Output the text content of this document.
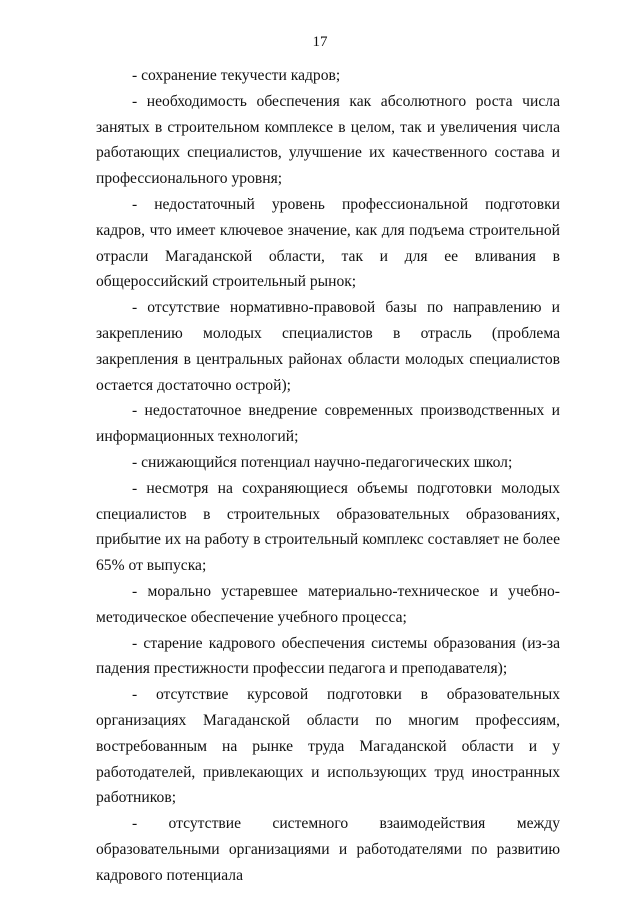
17

- сохранение текучести кадров;

- необходимость обеспечения как абсолютного роста числа занятых в строительном комплексе в целом, так и увеличения числа работающих специалистов, улучшение их качественного состава и профессионального уровня;

- недостаточный уровень профессиональной подготовки кадров, что имеет ключевое значение, как для подъема строительной отрасли Магаданской области, так и для ее вливания в общероссийский строительный рынок;

- отсутствие нормативно-правовой базы по направлению и закреплению молодых специалистов в отрасль (проблема закрепления в центральных районах области молодых специалистов остается достаточно острой);

- недостаточное внедрение современных производственных и информационных технологий;

- снижающийся потенциал научно-педагогических школ;

- несмотря на сохраняющиеся объемы подготовки молодых специалистов в строительных образовательных образованиях, прибытие их на работу в строительный комплекс составляет не более 65% от выпуска;

- морально устаревшее материально-техническое и учебно-методическое обеспечение учебного процесса;

- старение кадрового обеспечения системы образования (из-за падения престижности профессии педагога и преподавателя);

- отсутствие курсовой подготовки в образовательных организациях Магаданской области по многим профессиям, востребованным на рынке труда Магаданской области и у работодателей, привлекающих и использующих труд иностранных работников;

- отсутствие системного взаимодействия между образовательными организациями и работодателями по развитию кадрового потенциала
